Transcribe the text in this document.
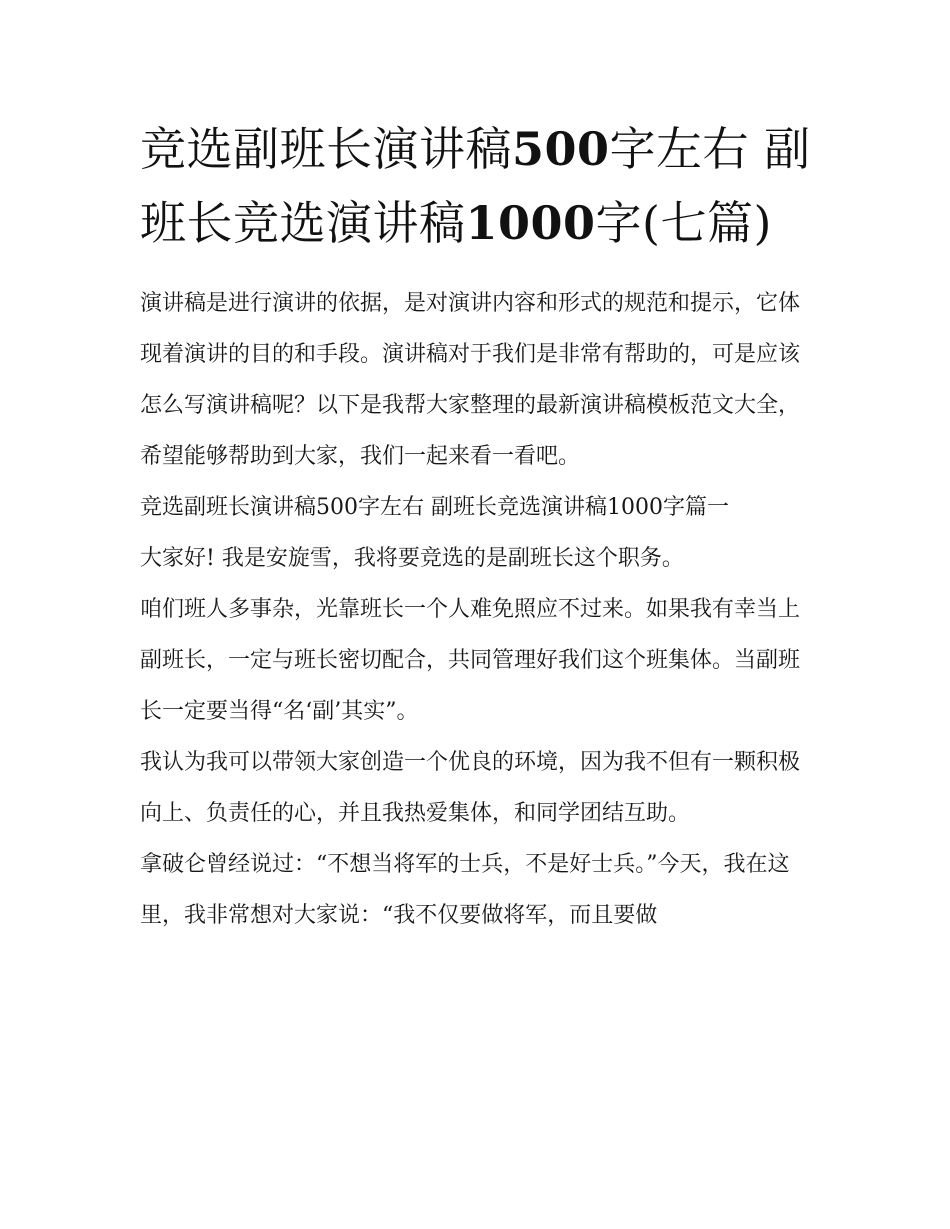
竞选副班长演讲稿500字左右 副班长竞选演讲稿1000字(七篇)

演讲稿是进行演讲的依据，是对演讲内容和形式的规范和提示，它体现着演讲的目的和手段。演讲稿对于我们是非常有帮助的，可是应该怎么写演讲稿呢？以下是我帮大家整理的最新演讲稿模板范文大全，希望能够帮助到大家，我们一起来看一看吧。

竞选副班长演讲稿500字左右 副班长竞选演讲稿1000字篇一

大家好! 我是安旋雪，我将要竞选的是副班长这个职务。

咱们班人多事杂，光靠班长一个人难免照应不过来。如果我有幸当上副班长，一定与班长密切配合，共同管理好我们这个班集体。当副班长一定要当得“名‘副’其实”。

我认为我可以带领大家创造一个优良的环境，因为我不但有一颗积极向上、负责任的心，并且我热爱集体，和同学团结互助。

拿破仑曾经说过：“不想当将军的士兵，不是好士兵。”今天，我在这里，我非常想对大家说：“我不仅要做将军，而且要做
